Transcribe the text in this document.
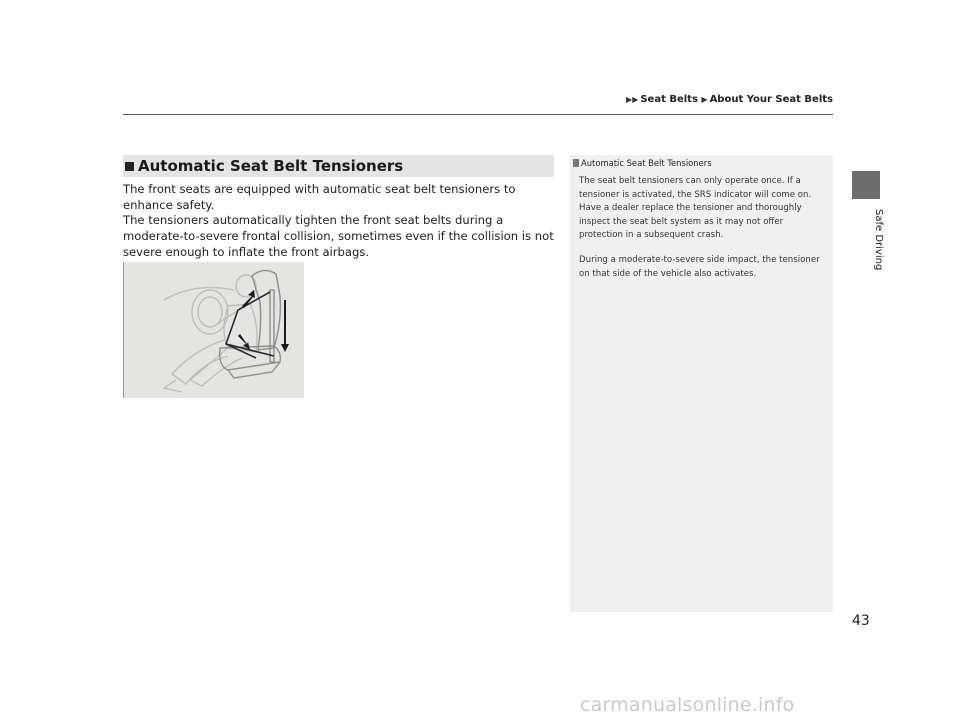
▶▶ Seat Belts ▶ About Your Seat Belts
Safe Driving
Automatic Seat Belt Tensioners
The front seats are equipped with automatic seat belt tensioners to enhance safety.
The tensioners automatically tighten the front seat belts during a moderate-to-severe frontal collision, sometimes even if the collision is not severe enough to inflate the front airbags.
Automatic Seat Belt Tensioners
The seat belt tensioners can only operate once. If a tensioner is activated, the SRS indicator will come on. Have a dealer replace the tensioner and thoroughly inspect the seat belt system as it may not offer protection in a subsequent crash.
During a moderate-to-severe side impact, the tensioner on that side of the vehicle also activates.
43
carmanualsonline.info
